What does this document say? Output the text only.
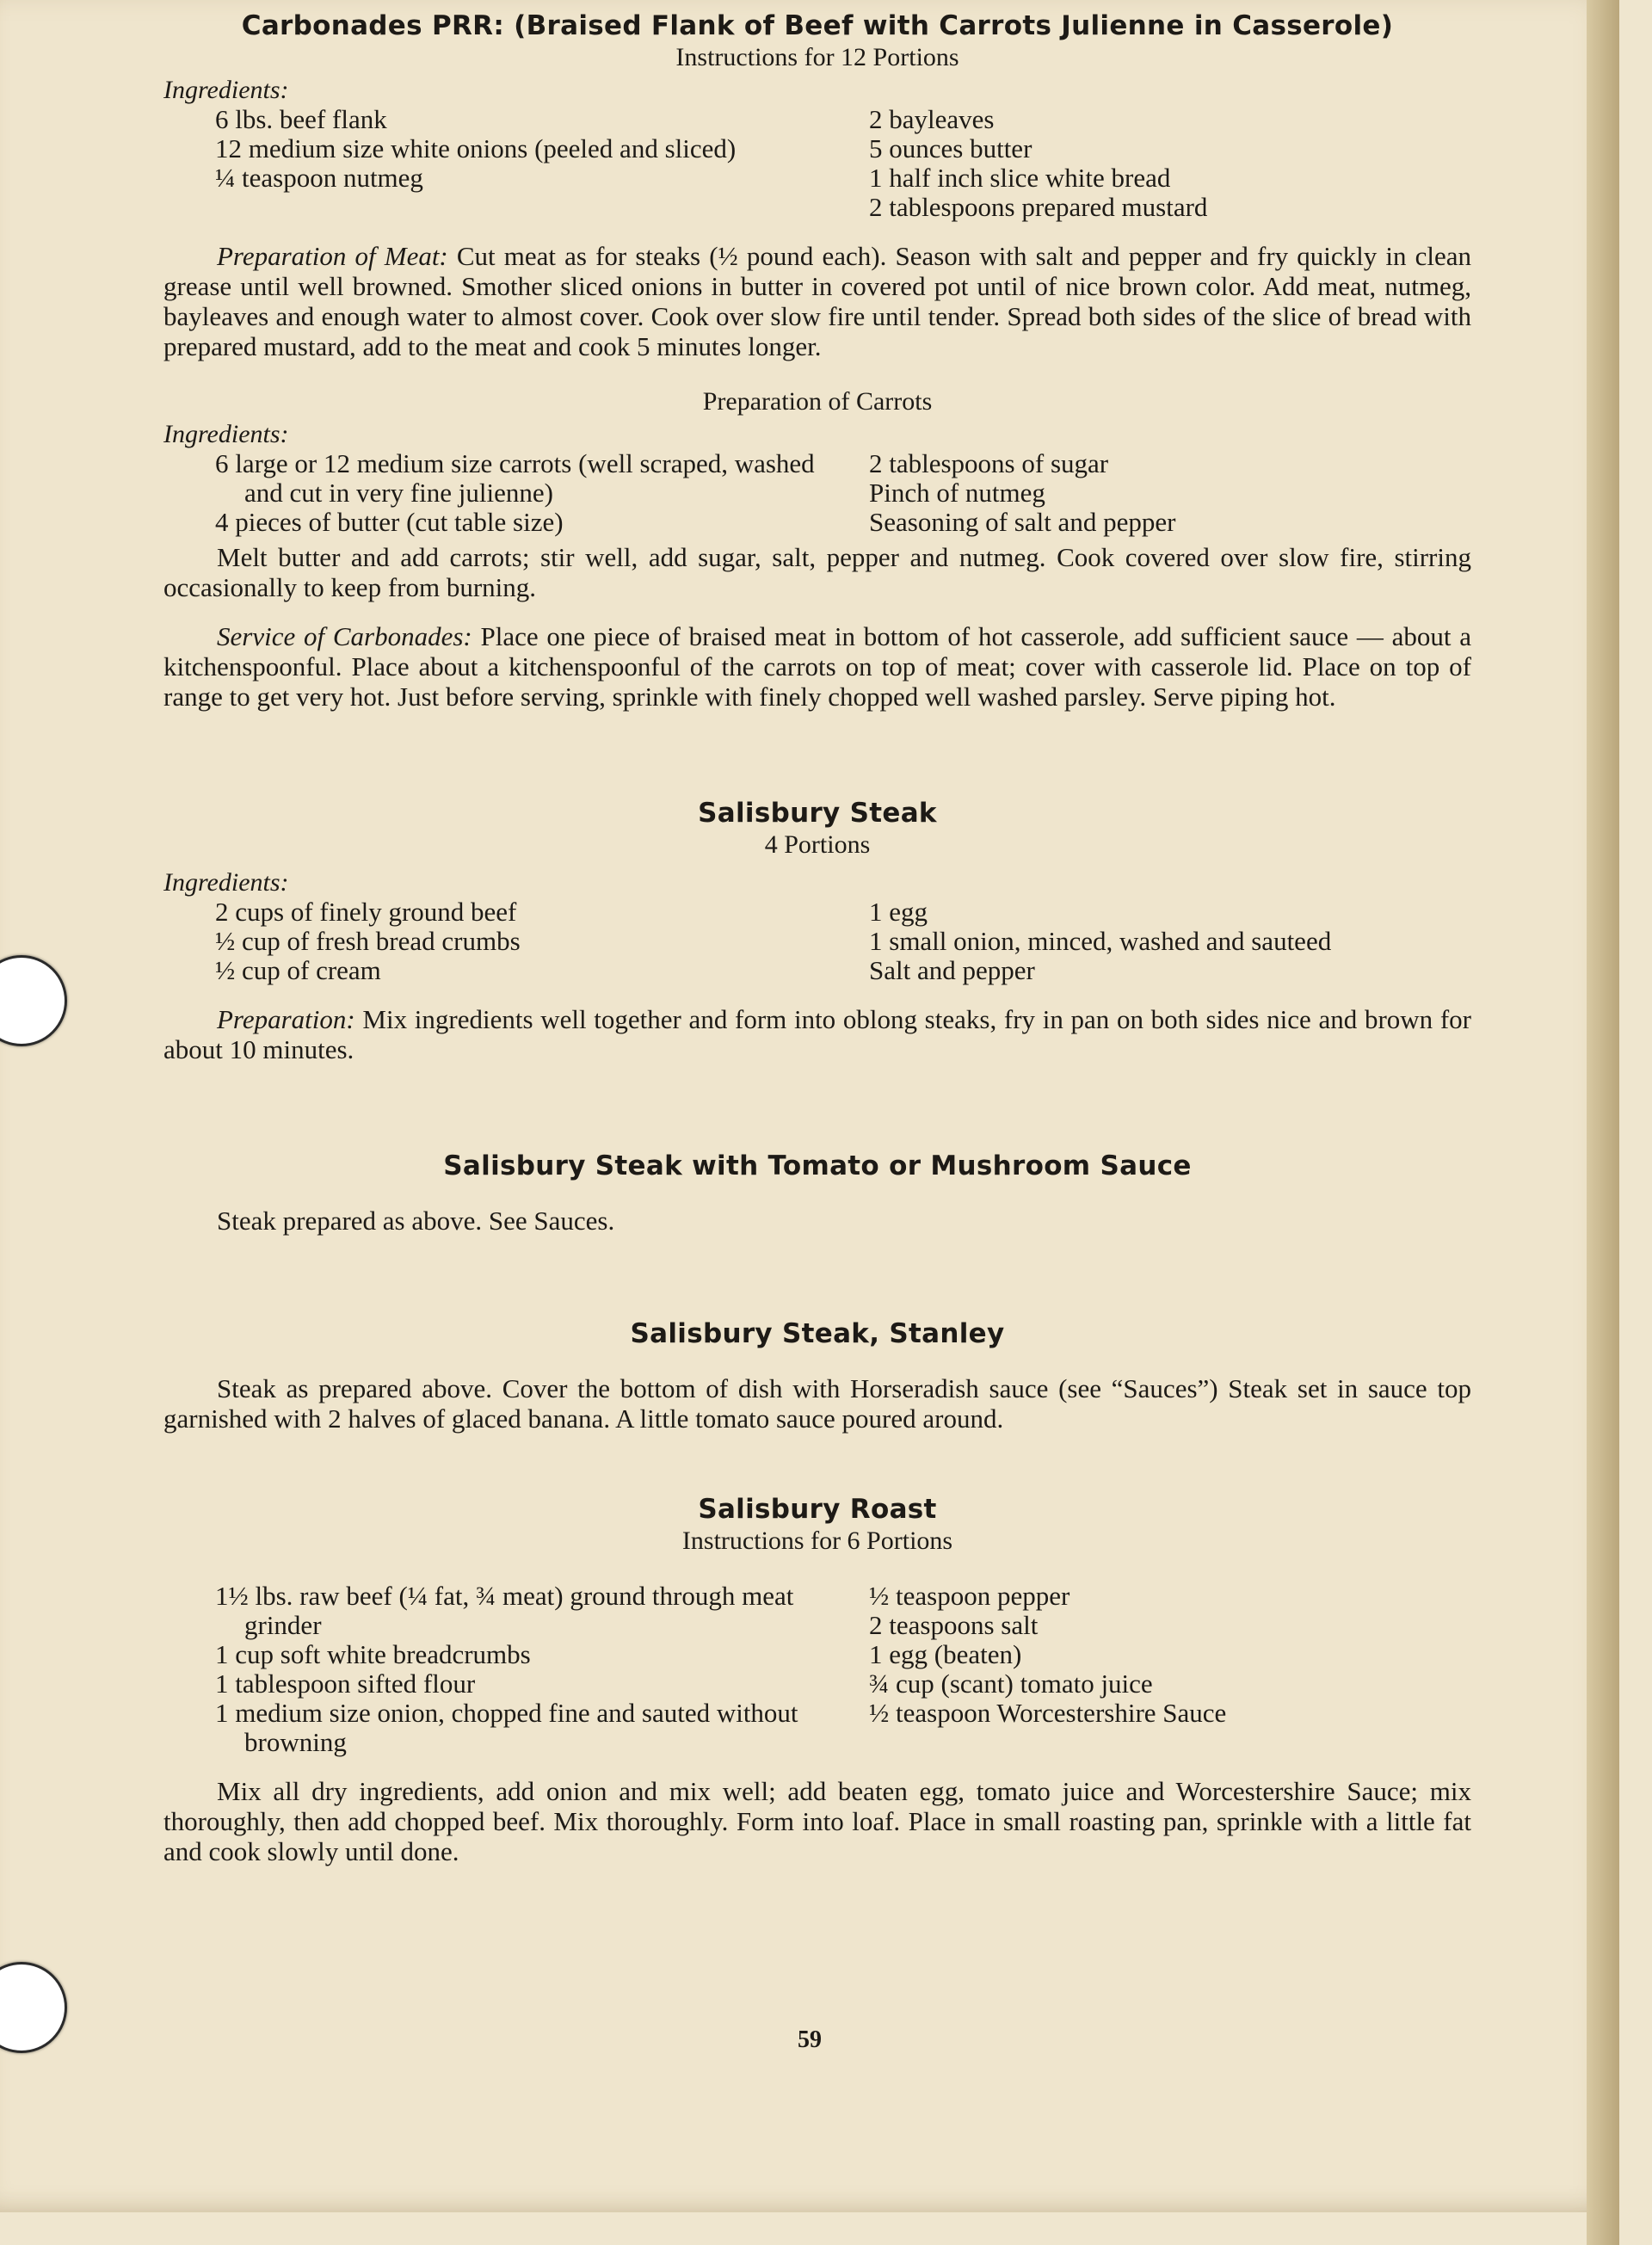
Carbonades PRR: (Braised Flank of Beef with Carrots Julienne in Casserole)

Instructions for 12 Portions

Ingredients:

6 lbs. beef flank

12 medium size white onions (peeled and sliced)

¼ teaspoon nutmeg

2 bayleaves

5 ounces butter

1 half inch slice white bread

2 tablespoons prepared mustard

Preparation of Meat: Cut meat as for steaks (½ pound each). Season with salt and pepper and fry quickly in clean grease until well browned. Smother sliced onions in butter in covered pot until of nice brown color. Add meat, nutmeg, bayleaves and enough water to almost cover. Cook over slow fire until tender. Spread both sides of the slice of bread with prepared mustard, add to the meat and cook 5 minutes longer.

Preparation of Carrots

Ingredients:

6 large or 12 medium size carrots (well scraped, washed and cut in very fine julienne)

4 pieces of butter (cut table size)

2 tablespoons of sugar

Pinch of nutmeg

Seasoning of salt and pepper

Melt butter and add carrots; stir well, add sugar, salt, pepper and nutmeg. Cook covered over slow fire, stirring occasionally to keep from burning.

Service of Carbonades: Place one piece of braised meat in bottom of hot casserole, add sufficient sauce — about a kitchenspoonful. Place about a kitchenspoonful of the carrots on top of meat; cover with casserole lid. Place on top of range to get very hot. Just before serving, sprinkle with finely chopped well washed parsley. Serve piping hot.

Salisbury Steak

4 Portions

Ingredients:

2 cups of finely ground beef

½ cup of fresh bread crumbs

½ cup of cream

1 egg

1 small onion, minced, washed and sauteed

Salt and pepper

Preparation: Mix ingredients well together and form into oblong steaks, fry in pan on both sides nice and brown for about 10 minutes.

Salisbury Steak with Tomato or Mushroom Sauce

Steak prepared as above. See Sauces.

Salisbury Steak, Stanley

Steak as prepared above. Cover the bottom of dish with Horseradish sauce (see “Sauces”) Steak set in sauce top garnished with 2 halves of glaced banana. A little tomato sauce poured around.

Salisbury Roast

Instructions for 6 Portions

1½ lbs. raw beef (¼ fat, ¾ meat) ground through meat grinder

1 cup soft white breadcrumbs

1 tablespoon sifted flour

1 medium size onion, chopped fine and sauted without browning

½ teaspoon pepper

2 teaspoons salt

1 egg (beaten)

¾ cup (scant) tomato juice

½ teaspoon Worcestershire Sauce

Mix all dry ingredients, add onion and mix well; add beaten egg, tomato juice and Worcestershire Sauce; mix thoroughly, then add chopped beef. Mix thoroughly. Form into loaf. Place in small roasting pan, sprinkle with a little fat and cook slowly until done.

59
